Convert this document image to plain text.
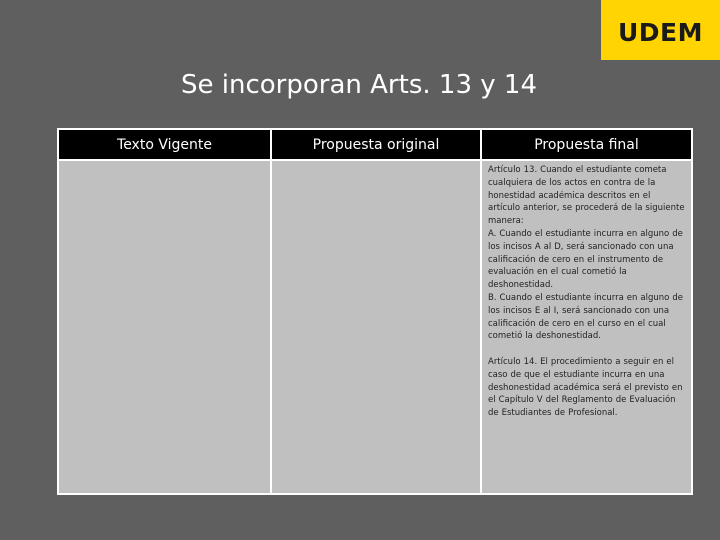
UDEM
Se incorporan Arts. 13 y 14
Texto Vigente	Propuesta original	Propuesta final

Artículo 13. Cuando el estudiante cometa cualquiera de los actos en contra de la honestidad académica descritos en el artículo anterior, se procederá de la siguiente manera:
A. Cuando el estudiante incurra en alguno de los incisos A al D, será sancionado con una calificación de cero en el instrumento de evaluación en el cual cometió la deshonestidad.
B. Cuando el estudiante incurra en alguno de los incisos E al I, será sancionado con una calificación de cero en el curso en el cual cometió la deshonestidad.

Artículo 14. El procedimiento a seguir en el caso de que el estudiante incurra en una deshonestidad académica será el previsto en el Capítulo V del Reglamento de Evaluación de Estudiantes de Profesional.
